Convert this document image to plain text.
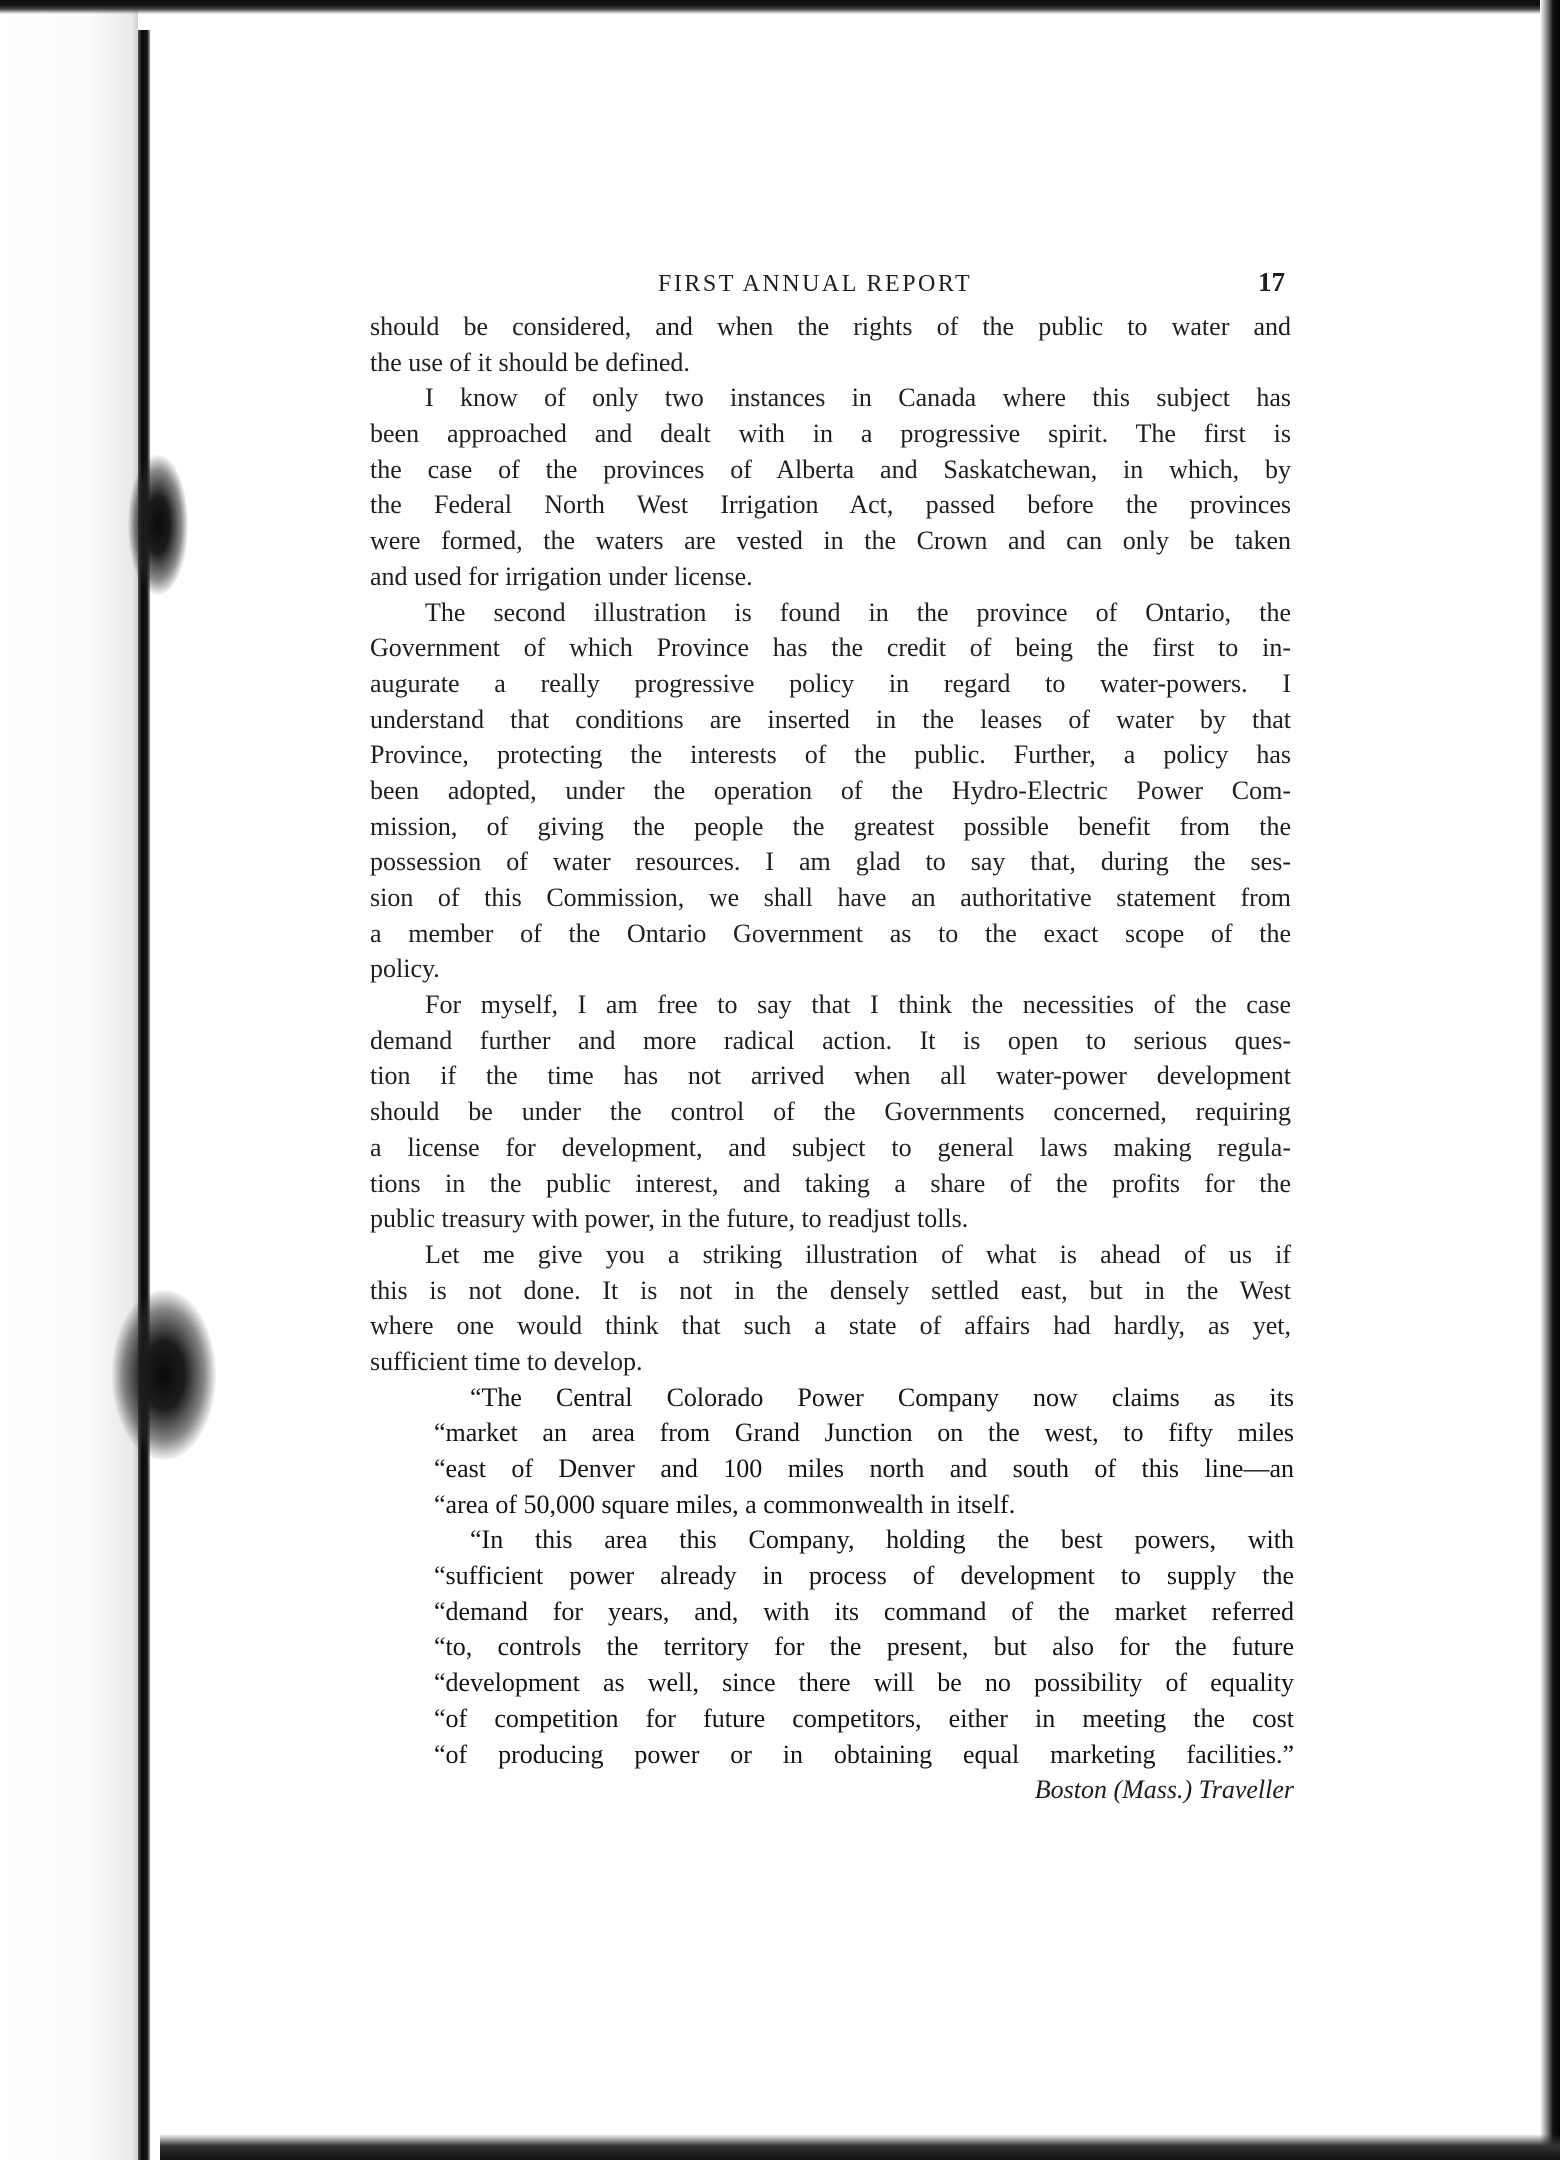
FIRST ANNUAL REPORT	17
should be considered, and when the rights of the public to water and
the use of it should be defined.
I know of only two instances in Canada where this subject has
been approached and dealt with in a progressive spirit. The first is
the case of the provinces of Alberta and Saskatchewan, in which, by
the Federal North West Irrigation Act, passed before the provinces
were formed, the waters are vested in the Crown and can only be taken
and used for irrigation under license.
The second illustration is found in the province of Ontario, the
Government of which Province has the credit of being the first to in-
augurate a really progressive policy in regard to water-powers. I
understand that conditions are inserted in the leases of water by that
Province, protecting the interests of the public. Further, a policy has
been adopted, under the operation of the Hydro-Electric Power Com-
mission, of giving the people the greatest possible benefit from the
possession of water resources. I am glad to say that, during the ses-
sion of this Commission, we shall have an authoritative statement from
a member of the Ontario Government as to the exact scope of the
policy.
For myself, I am free to say that I think the necessities of the case
demand further and more radical action. It is open to serious ques-
tion if the time has not arrived when all water-power development
should be under the control of the Governments concerned, requiring
a license for development, and subject to general laws making regula-
tions in the public interest, and taking a share of the profits for the
public treasury with power, in the future, to readjust tolls.
Let me give you a striking illustration of what is ahead of us if
this is not done. It is not in the densely settled east, but in the West
where one would think that such a state of affairs had hardly, as yet,
sufficient time to develop.
“The Central Colorado Power Company now claims as its
“market an area from Grand Junction on the west, to fifty miles
“east of Denver and 100 miles north and south of this line—an
“area of 50,000 square miles, a commonwealth in itself.
“In this area this Company, holding the best powers, with
“sufficient power already in process of development to supply the
“demand for years, and, with its command of the market referred
“to, controls the territory for the present, but also for the future
“development as well, since there will be no possibility of equality
“of competition for future competitors, either in meeting the cost
“of producing power or in obtaining equal marketing facilities.”
Boston (Mass.) Traveller
